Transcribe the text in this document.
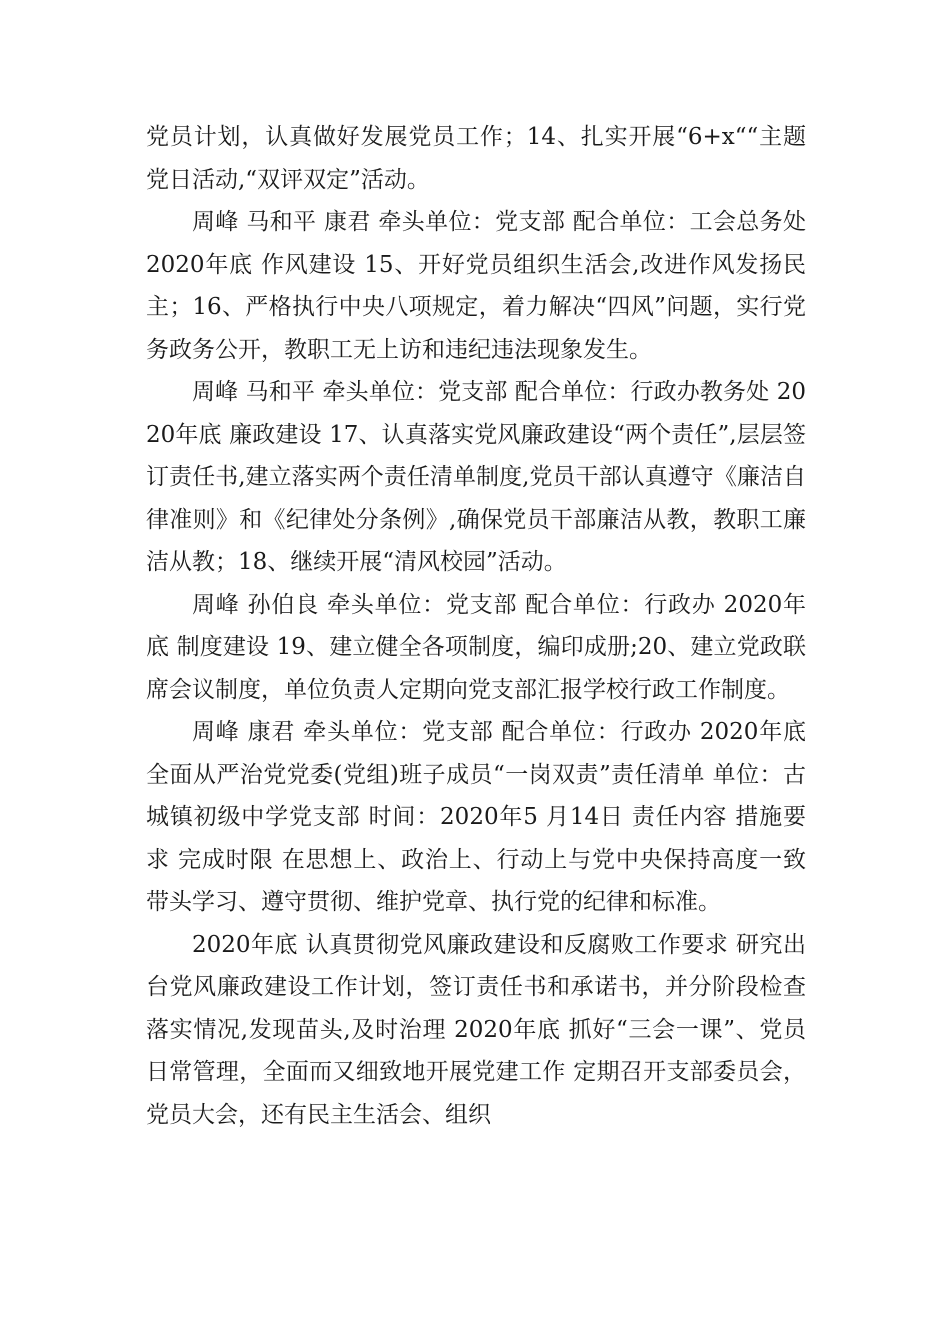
党员计划，认真做好发展党员工作；14、扎实开展“6+x““主题党日活动,“双评双定”活动。

周峰 马和平 康君 牵头单位：党支部 配合单位：工会总务处 2020年底 作风建设 15、开好党员组织生活会,改进作风发扬民主；16、严格执行中央八项规定，着力解决“四风”问题，实行党务政务公开，教职工无上访和违纪违法现象发生。

周峰 马和平 牵头单位：党支部 配合单位：行政办教务处 2020年底 廉政建设 17、认真落实党风廉政建设“两个责任”,层层签订责任书,建立落实两个责任清单制度,党员干部认真遵守《廉洁自律准则》和《纪律处分条例》,确保党员干部廉洁从教，教职工廉洁从教；18、继续开展“清风校园”活动。

周峰 孙伯良 牵头单位：党支部 配合单位：行政办 2020年底 制度建设 19、建立健全各项制度，编印成册;20、建立党政联席会议制度，单位负责人定期向党支部汇报学校行政工作制度。

周峰 康君 牵头单位：党支部 配合单位：行政办 2020年底 全面从严治党党委(党组)班子成员“一岗双责”责任清单 单位：古城镇初级中学党支部 时间：2020年5 月14日 责任内容 措施要求 完成时限 在思想上、政治上、行动上与党中央保持高度一致 带头学习、遵守贯彻、维护党章、执行党的纪律和标准。

2020年底 认真贯彻党风廉政建设和反腐败工作要求 研究出台党风廉政建设工作计划，签订责任书和承诺书，并分阶段检查落实情况,发现苗头,及时治理 2020年底 抓好“三会一课”、党员日常管理，全面而又细致地开展党建工作 定期召开支部委员会，党员大会，还有民主生活会、组织
